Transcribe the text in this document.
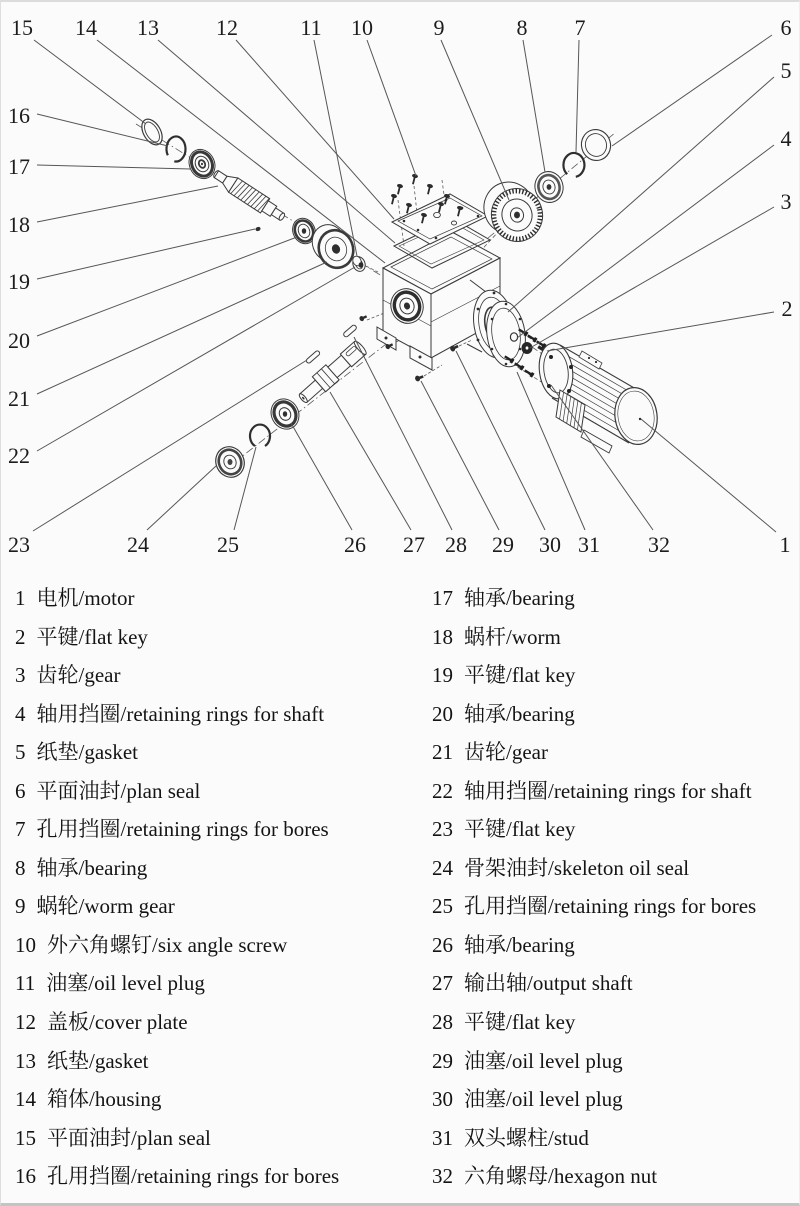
1
2
3
4
5
6
7
8
9
10
11
12
13
14
15
16
17
18
19
20
21
22
23	24	25	26 27 28 29 30 31 32
1 电机/motor
2 平键/flat key
3 齿轮/gear
4 轴用挡圈/retaining rings for shaft
5 纸垫/gasket
6 平面油封/plan seal
7 孔用挡圈/retaining rings for bores
8 轴承/bearing
9 蜗轮/worm gear
10 外六角螺钉/six angle screw
11 油塞/oil level plug
12 盖板/cover plate
13 纸垫/gasket
14 箱体/housing
15 平面油封/plan seal
16 孔用挡圈/retaining rings for bores
17 轴承/bearing
18 蜗杆/worm
19 平键/flat key
20 轴承/bearing
21 齿轮/gear
22 轴用挡圈/retaining rings for shaft
23 平键/flat key
24 骨架油封/skeleton oil seal
25 孔用挡圈/retaining rings for bores
26 轴承/bearing
27 输出轴/output shaft
28 平键/flat key
29 油塞/oil level plug
30 油塞/oil level plug
31 双头螺柱/stud
32 六角螺母/hexagon nut
